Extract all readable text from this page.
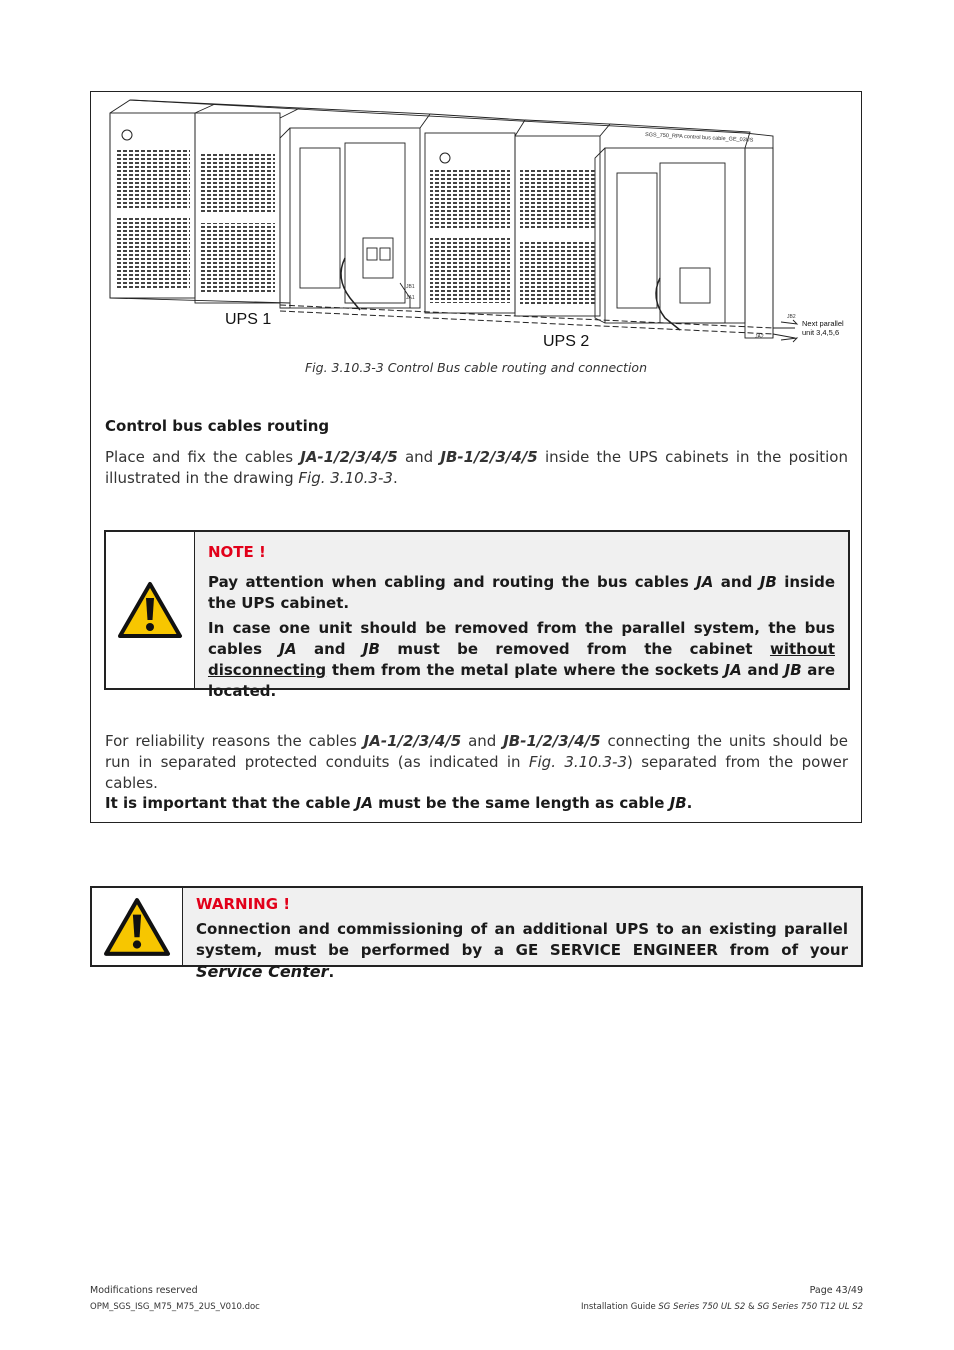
UPS 1
UPS 2
SGS_750_RPA control bus cable_GE_03US
Next parallel
unit 3,4,5,6
JB1
JA1
JB2
JA2
Fig. 3.10.3-3 Control Bus cable routing and connection
Control bus cables routing
Place and fix the cables JA-1/2/3/4/5 and JB-1/2/3/4/5 inside the UPS cabinets in the position illustrated in the drawing Fig. 3.10.3-3.

NOTE !

Pay attention when cabling and routing the bus cables JA and JB inside the UPS cabinet.

In case one unit should be removed from the parallel system, the bus cables JA and JB must be removed from the cabinet without disconnecting them from the metal plate where the sockets JA and JB are located.

For reliability reasons the cables JA-1/2/3/4/5 and JB-1/2/3/4/5 connecting the units should be run in separated protected conduits (as indicated in Fig. 3.10.3-3) separated from the power cables.
It is important that the cable JA must be the same length as cable JB.

WARNING !

Connection and commissioning of an additional UPS to an existing parallel system, must be performed by a GE SERVICE ENGINEER from of your Service Center.

Modifications reserved
OPM_SGS_ISG_M75_M75_2US_V010.doc
Page 43/49
Installation Guide SG Series 750 UL S2 & SG Series 750 T12 UL S2
